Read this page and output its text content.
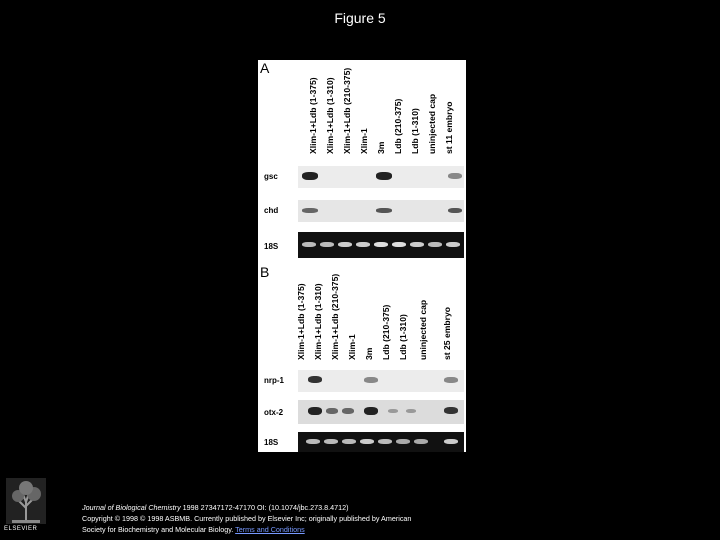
Figure 5
A
Xlim-1+Ldb (1-375) Xlim-1+Ldb (1-310) Xlim-1+Ldb (210-375) Xlim-1 3m Ldb (210-375) Ldb (1-310) uninjected cap st 11 embryo
gsc
chd
18S
B
Xlim-1+Ldb (1-375) Xlim-1+Ldb (1-310) Xlim-1+Ldb (210-375) Xlim-1 3m Ldb (210-375) Ldb (1-310) uninjected cap st 25 embryo
nrp-1
otx-2
18S
ELSEVIER
Journal of Biological Chemistry 1998 27347172-47170 OI: (10.1074/jbc.273.8.4712)
Copyright © 1998 © 1998 ASBMB. Currently published by Elsevier Inc; originally published by American
Society for Biochemistry and Molecular Biology. Terms and Conditions
